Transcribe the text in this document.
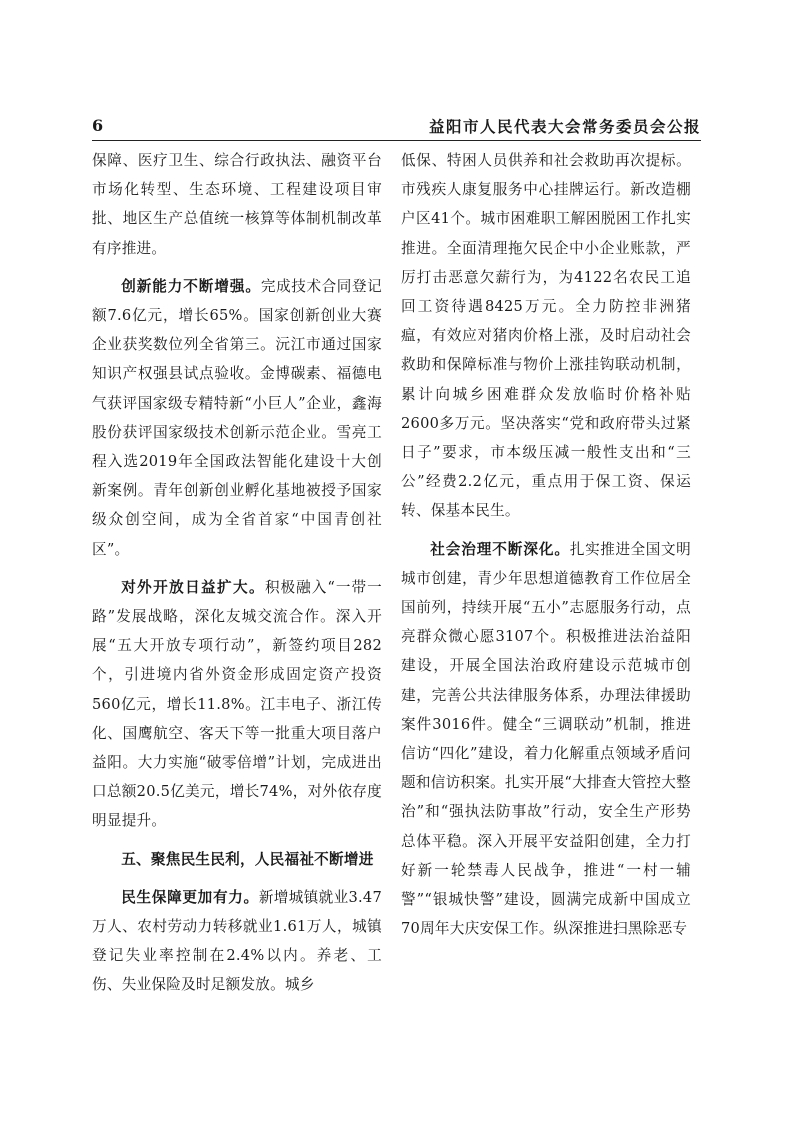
6	益阳市人民代表大会常务委员会公报

保障、医疗卫生、综合行政执法、融资平台市场化转型、生态环境、工程建设项目审批、地区生产总值统一核算等体制机制改革有序推进。

创新能力不断增强。完成技术合同登记额7.6亿元，增长65%。国家创新创业大赛企业获奖数位列全省第三。沅江市通过国家知识产权强县试点验收。金博碳素、福德电气获评国家级专精特新“小巨人”企业，鑫海股份获评国家级技术创新示范企业。雪亮工程入选2019年全国政法智能化建设十大创新案例。青年创新创业孵化基地被授予国家级众创空间，成为全省首家“中国青创社区”。

对外开放日益扩大。积极融入“一带一路”发展战略，深化友城交流合作。深入开展“五大开放专项行动”，新签约项目282个，引进境内省外资金形成固定资产投资560亿元，增长11.8%。江丰电子、浙江传化、国鹰航空、客天下等一批重大项目落户益阳。大力实施“破零倍增”计划，完成进出口总额20.5亿美元，增长74%，对外依存度明显提升。

五、聚焦民生民利，人民福祉不断增进

民生保障更加有力。新增城镇就业3.47万人、农村劳动力转移就业1.61万人，城镇登记失业率控制在2.4%以内。养老、工伤、失业保险及时足额发放。城乡

低保、特困人员供养和社会救助再次提标。市残疾人康复服务中心挂牌运行。新改造棚户区41个。城市困难职工解困脱困工作扎实推进。全面清理拖欠民企中小企业账款，严厉打击恶意欠薪行为，为4122名农民工追回工资待遇8425万元。全力防控非洲猪瘟，有效应对猪肉价格上涨，及时启动社会救助和保障标准与物价上涨挂钩联动机制，累计向城乡困难群众发放临时价格补贴2600多万元。坚决落实“党和政府带头过紧日子”要求，市本级压减一般性支出和“三公”经费2.2亿元，重点用于保工资、保运转、保基本民生。

社会治理不断深化。扎实推进全国文明城市创建，青少年思想道德教育工作位居全国前列，持续开展“五小”志愿服务行动，点亮群众微心愿3107个。积极推进法治益阳建设，开展全国法治政府建设示范城市创建，完善公共法律服务体系，办理法律援助案件3016件。健全“三调联动”机制，推进信访“四化”建设，着力化解重点领域矛盾问题和信访积案。扎实开展“大排查大管控大整治”和“强执法防事故”行动，安全生产形势总体平稳。深入开展平安益阳创建，全力打好新一轮禁毒人民战争，推进“一村一辅警”“银城快警”建设，圆满完成新中国成立70周年大庆安保工作。纵深推进扫黑除恶专
